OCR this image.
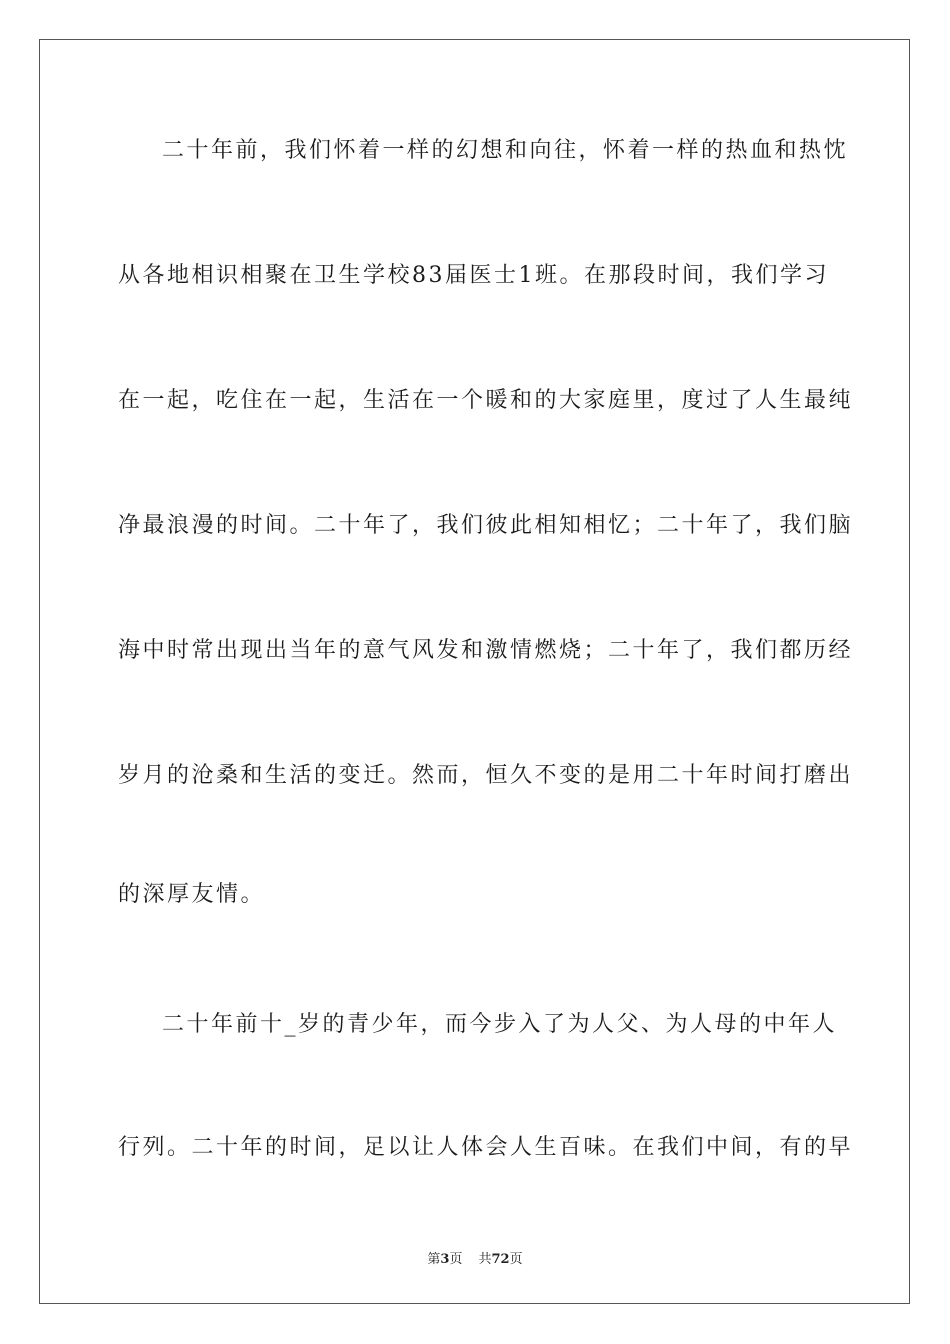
二十年前，我们怀着一样的幻想和向往，怀着一样的热血和热忱
从各地相识相聚在卫生学校83届医士1班。在那段时间，我们学习
在一起，吃住在一起，生活在一个暖和的大家庭里，度过了人生最纯
净最浪漫的时间。二十年了，我们彼此相知相忆；二十年了，我们脑
海中时常出现出当年的意气风发和激情燃烧；二十年了，我们都历经
岁月的沧桑和生活的变迁。然而，恒久不变的是用二十年时间打磨出
的深厚友情。
二十年前十_岁的青少年，而今步入了为人父、为人母的中年人
行列。二十年的时间，足以让人体会人生百味。在我们中间，有的早
第3页 共72页
